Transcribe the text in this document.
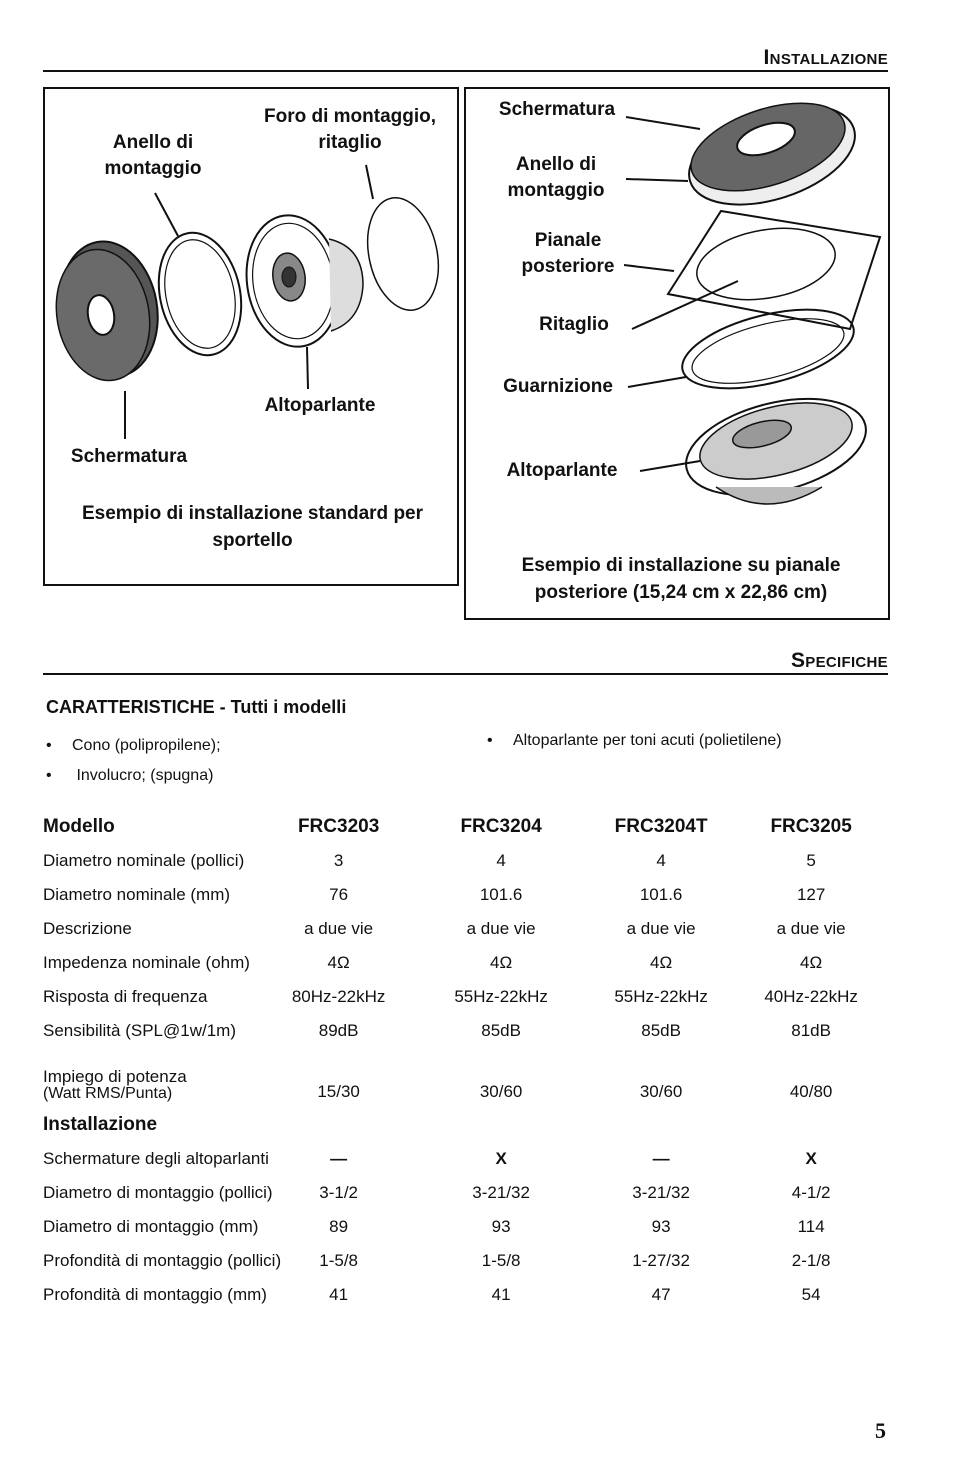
Installazione
Anello di montaggio
Foro di montaggio, ritaglio
Altoparlante
Schermatura
Esempio di installazione standard per sportello
Schermatura
Anello di montaggio
Pianale posteriore
Ritaglio
Guarnizione
Altoparlante
Esempio di installazione su pianale posteriore (15,24 cm x 22,86 cm)
Specifiche
CARATTERISTICHE - Tutti i modelli
• Cono (polipropilene);
• Involucro; (spugna)
• Altoparlante per toni acuti (polietilene)
Modello	FRC3203	FRC3204	FRC3204T	FRC3205
Diametro nominale (pollici)	3	4	4	5
Diametro nominale (mm)	76	101.6	101.6	127
Descrizione	a due vie	a due vie	a due vie	a due vie
Impedenza nominale (ohm)	4Ω	4Ω	4Ω	4Ω
Risposta di frequenza	80Hz-22kHz	55Hz-22kHz	55Hz-22kHz	40Hz-22kHz
Sensibilità (SPL@1w/1m)	89dB	85dB	85dB	81dB

Impiego di potenza
(Watt RMS/Punta)	15/30	30/60	30/60	40/80
Installazione				
Schermature degli altoparlanti	—	X	—	X
Diametro di montaggio (pollici)	3-1/2	3-21/32	3-21/32	4-1/2
Diametro di montaggio (mm)	89	93	93	114
Profondità di montaggio (pollici)	1-5/8	1-5/8	1-27/32	2-1/8
Profondità di montaggio (mm)	41	41	47	54
5
